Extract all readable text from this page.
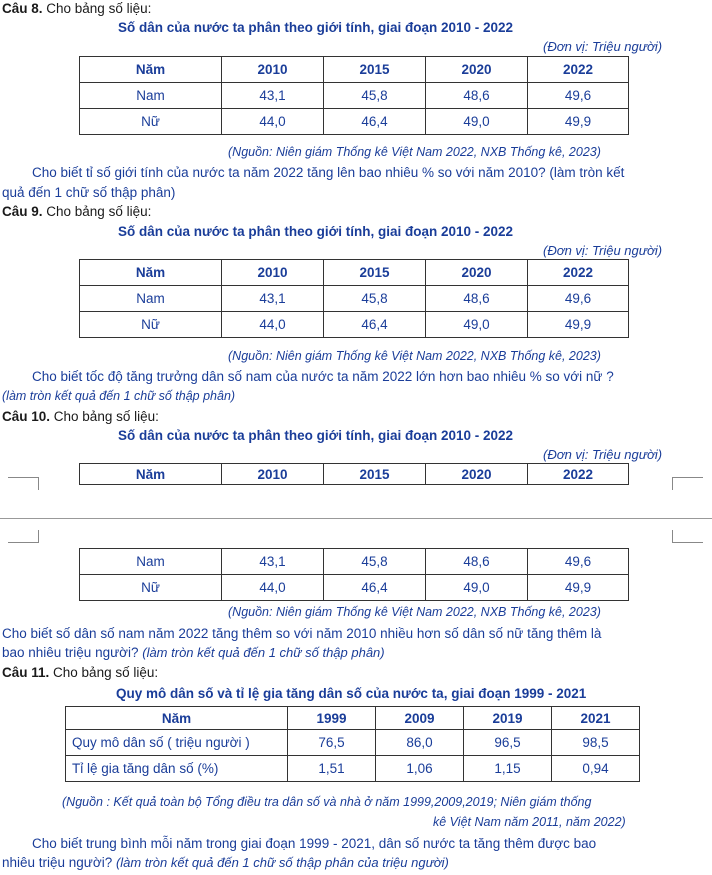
Câu 8. Cho bảng số liệu:
Số dân của nước ta phân theo giới tính, giai đoạn 2010 - 2022
(Đơn vị: Triệu người)
Năm	2010	2015	2020	2022
Nam	43,1	45,8	48,6	49,6
Nữ	44,0	46,4	49,0	49,9
(Nguồn: Niên giám Thống kê Việt Nam 2022, NXB Thống kê, 2023)
Cho biết tỉ số giới tính của nước ta năm 2022 tăng lên bao nhiêu % so với năm 2010? (làm tròn kết
quả đến 1 chữ số thập phân)
Câu 9. Cho bảng số liệu:
Số dân của nước ta phân theo giới tính, giai đoạn 2010 - 2022
(Đơn vị: Triệu người)
Năm	2010	2015	2020	2022
Nam	43,1	45,8	48,6	49,6
Nữ	44,0	46,4	49,0	49,9
(Nguồn: Niên giám Thống kê Việt Nam 2022, NXB Thống kê, 2023)
Cho biết tốc độ tăng trưởng dân số nam của nước ta năm 2022 lớn hơn bao nhiêu % so với nữ ?
(làm tròn kết quả đến 1 chữ số thập phân)
Câu 10. Cho bảng số liệu:
Số dân của nước ta phân theo giới tính, giai đoạn 2010 - 2022
(Đơn vị: Triệu người)
Năm	2010	2015	2020	2022
Nam	43,1	45,8	48,6	49,6
Nữ	44,0	46,4	49,0	49,9
(Nguồn: Niên giám Thống kê Việt Nam 2022, NXB Thống kê, 2023)
Cho biết số dân số nam năm 2022 tăng thêm so với năm 2010 nhiều hơn số dân số nữ tăng thêm là
bao nhiêu triệu người? (làm tròn kết quả đến 1 chữ số thập phân)
Câu 11. Cho bảng số liệu:
Quy mô dân số và tỉ lệ gia tăng dân số của nước ta, giai đoạn 1999 - 2021
Năm	1999	2009	2019	2021
Quy mô dân số ( triệu người )	76,5	86,0	96,5	98,5
Tỉ lệ gia tăng dân số (%)	1,51	1,06	1,15	0,94
(Nguồn : Kết quả toàn bộ Tổng điều tra dân số và nhà ở năm 1999,2009,2019; Niên giám thống
kê Việt Nam năm 2011, năm 2022)
Cho biết trung bình mỗi năm trong giai đoạn 1999 - 2021, dân số nước ta tăng thêm được bao
nhiêu triệu người? (làm tròn kết quả đến 1 chữ số thập phân của triệu người)
